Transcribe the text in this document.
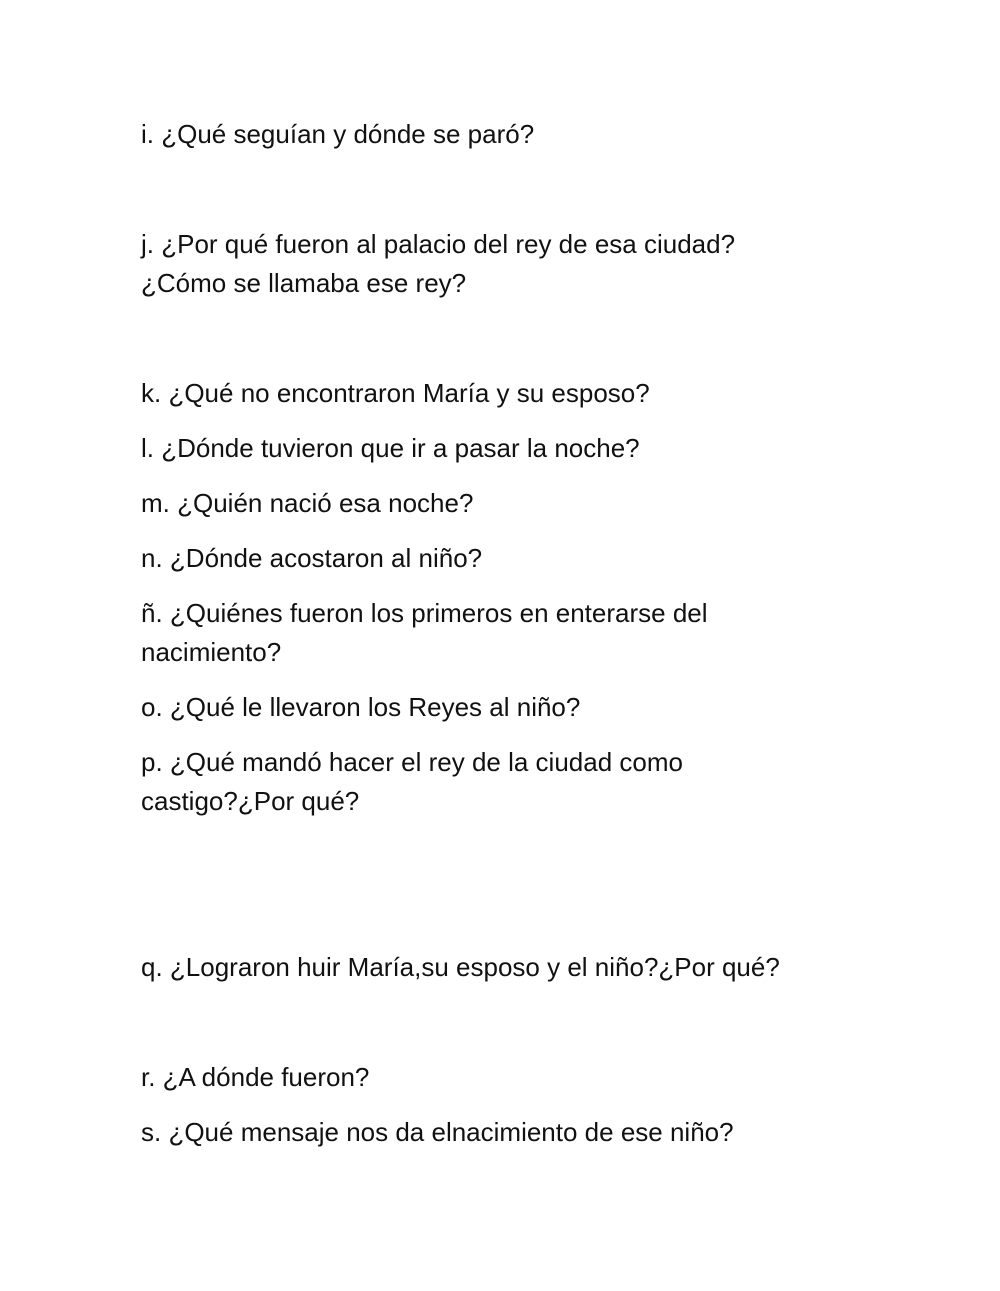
i. ¿Qué seguían y dónde se paró?

j. ¿Por qué fueron al palacio del rey de esa ciudad?
¿Cómo se llamaba ese rey?

k. ¿Qué no encontraron María y su esposo?

l. ¿Dónde tuvieron que ir a pasar la noche?

m. ¿Quién nació esa noche?

n. ¿Dónde acostaron al niño?

ñ. ¿Quiénes fueron los primeros en enterarse del
nacimiento?

o. ¿Qué le llevaron los Reyes al niño?

p. ¿Qué mandó hacer el rey de la ciudad como
castigo?¿Por qué?

q. ¿Lograron huir María,su esposo y el niño?¿Por qué?

r. ¿A dónde fueron?

s. ¿Qué mensaje nos da elnacimiento de ese niño?
